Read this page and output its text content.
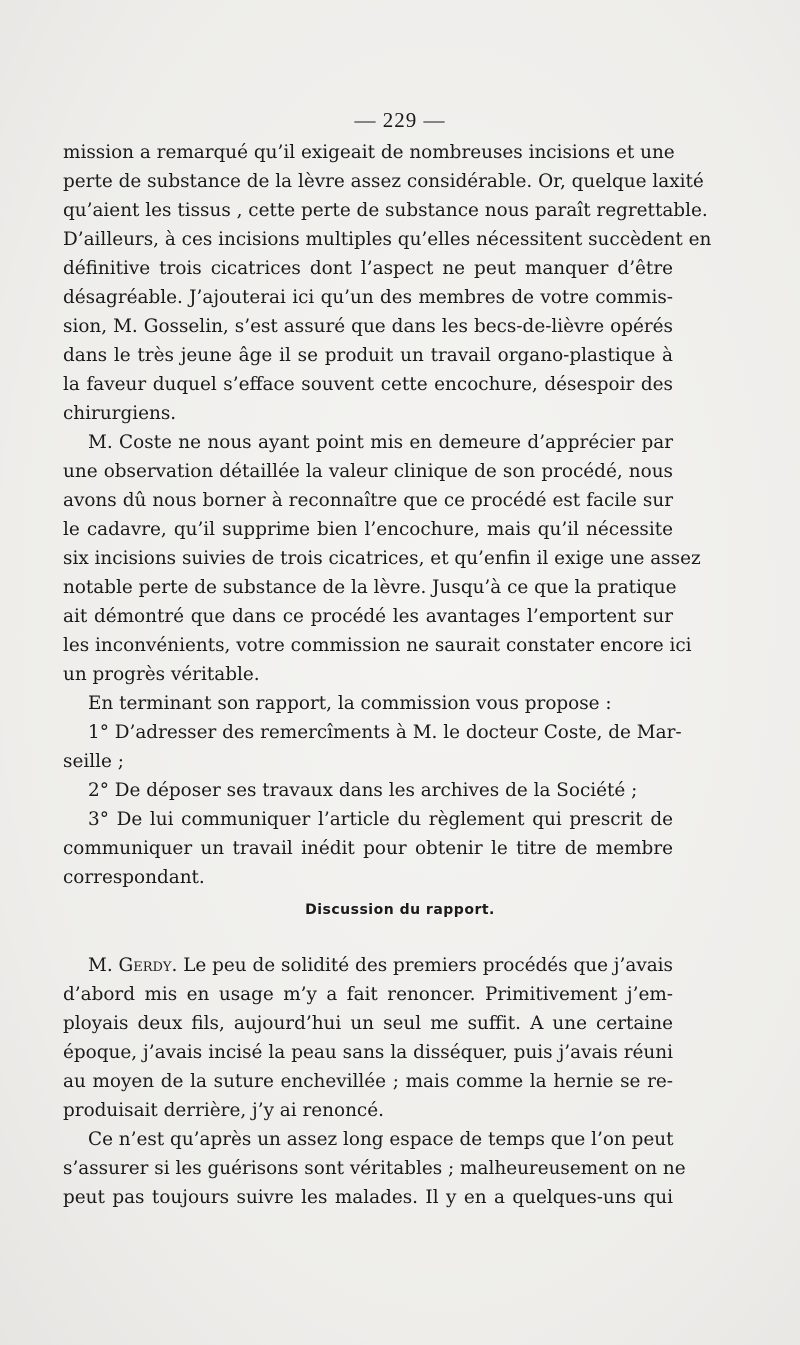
— 229 —
mission a remarqué qu’il exigeait de nombreuses incisions et une
perte de substance de la lèvre assez considérable. Or, quelque laxité
qu’aient les tissus , cette perte de substance nous paraît regrettable.
D’ailleurs, à ces incisions multiples qu’elles nécessitent succèdent en
définitive trois cicatrices dont l’aspect ne peut manquer d’être
désagréable. J’ajouterai ici qu’un des membres de votre commis-
sion, M. Gosselin, s’est assuré que dans les becs-de-lièvre opérés
dans le très jeune âge il se produit un travail organo-plastique à
la faveur duquel s’efface souvent cette encochure, désespoir des
chirurgiens.
M. Coste ne nous ayant point mis en demeure d’apprécier par
une observation détaillée la valeur clinique de son procédé, nous
avons dû nous borner à reconnaître que ce procédé est facile sur
le cadavre, qu’il supprime bien l’encochure, mais qu’il nécessite
six incisions suivies de trois cicatrices, et qu’enfin il exige une assez
notable perte de substance de la lèvre. Jusqu’à ce que la pratique
ait démontré que dans ce procédé les avantages l’emportent sur
les inconvénients, votre commission ne saurait constater encore ici
un progrès véritable.
En terminant son rapport, la commission vous propose :
1° D’adresser des remercîments à M. le docteur Coste, de Mar-
seille ;
2° De déposer ses travaux dans les archives de la Société ;
3° De lui communiquer l’article du règlement qui prescrit de
communiquer un travail inédit pour obtenir le titre de membre
correspondant.
Discussion du rapport.
M. Gerdy. Le peu de solidité des premiers procédés que j’avais
d’abord mis en usage m’y a fait renoncer. Primitivement j’em-
ployais deux fils, aujourd’hui un seul me suffit. A une certaine
époque, j’avais incisé la peau sans la disséquer, puis j’avais réuni
au moyen de la suture enchevillée ; mais comme la hernie se re-
produisait derrière, j’y ai renoncé.
Ce n’est qu’après un assez long espace de temps que l’on peut
s’assurer si les guérisons sont véritables ; malheureusement on ne
peut pas toujours suivre les malades. Il y en a quelques-uns qui
